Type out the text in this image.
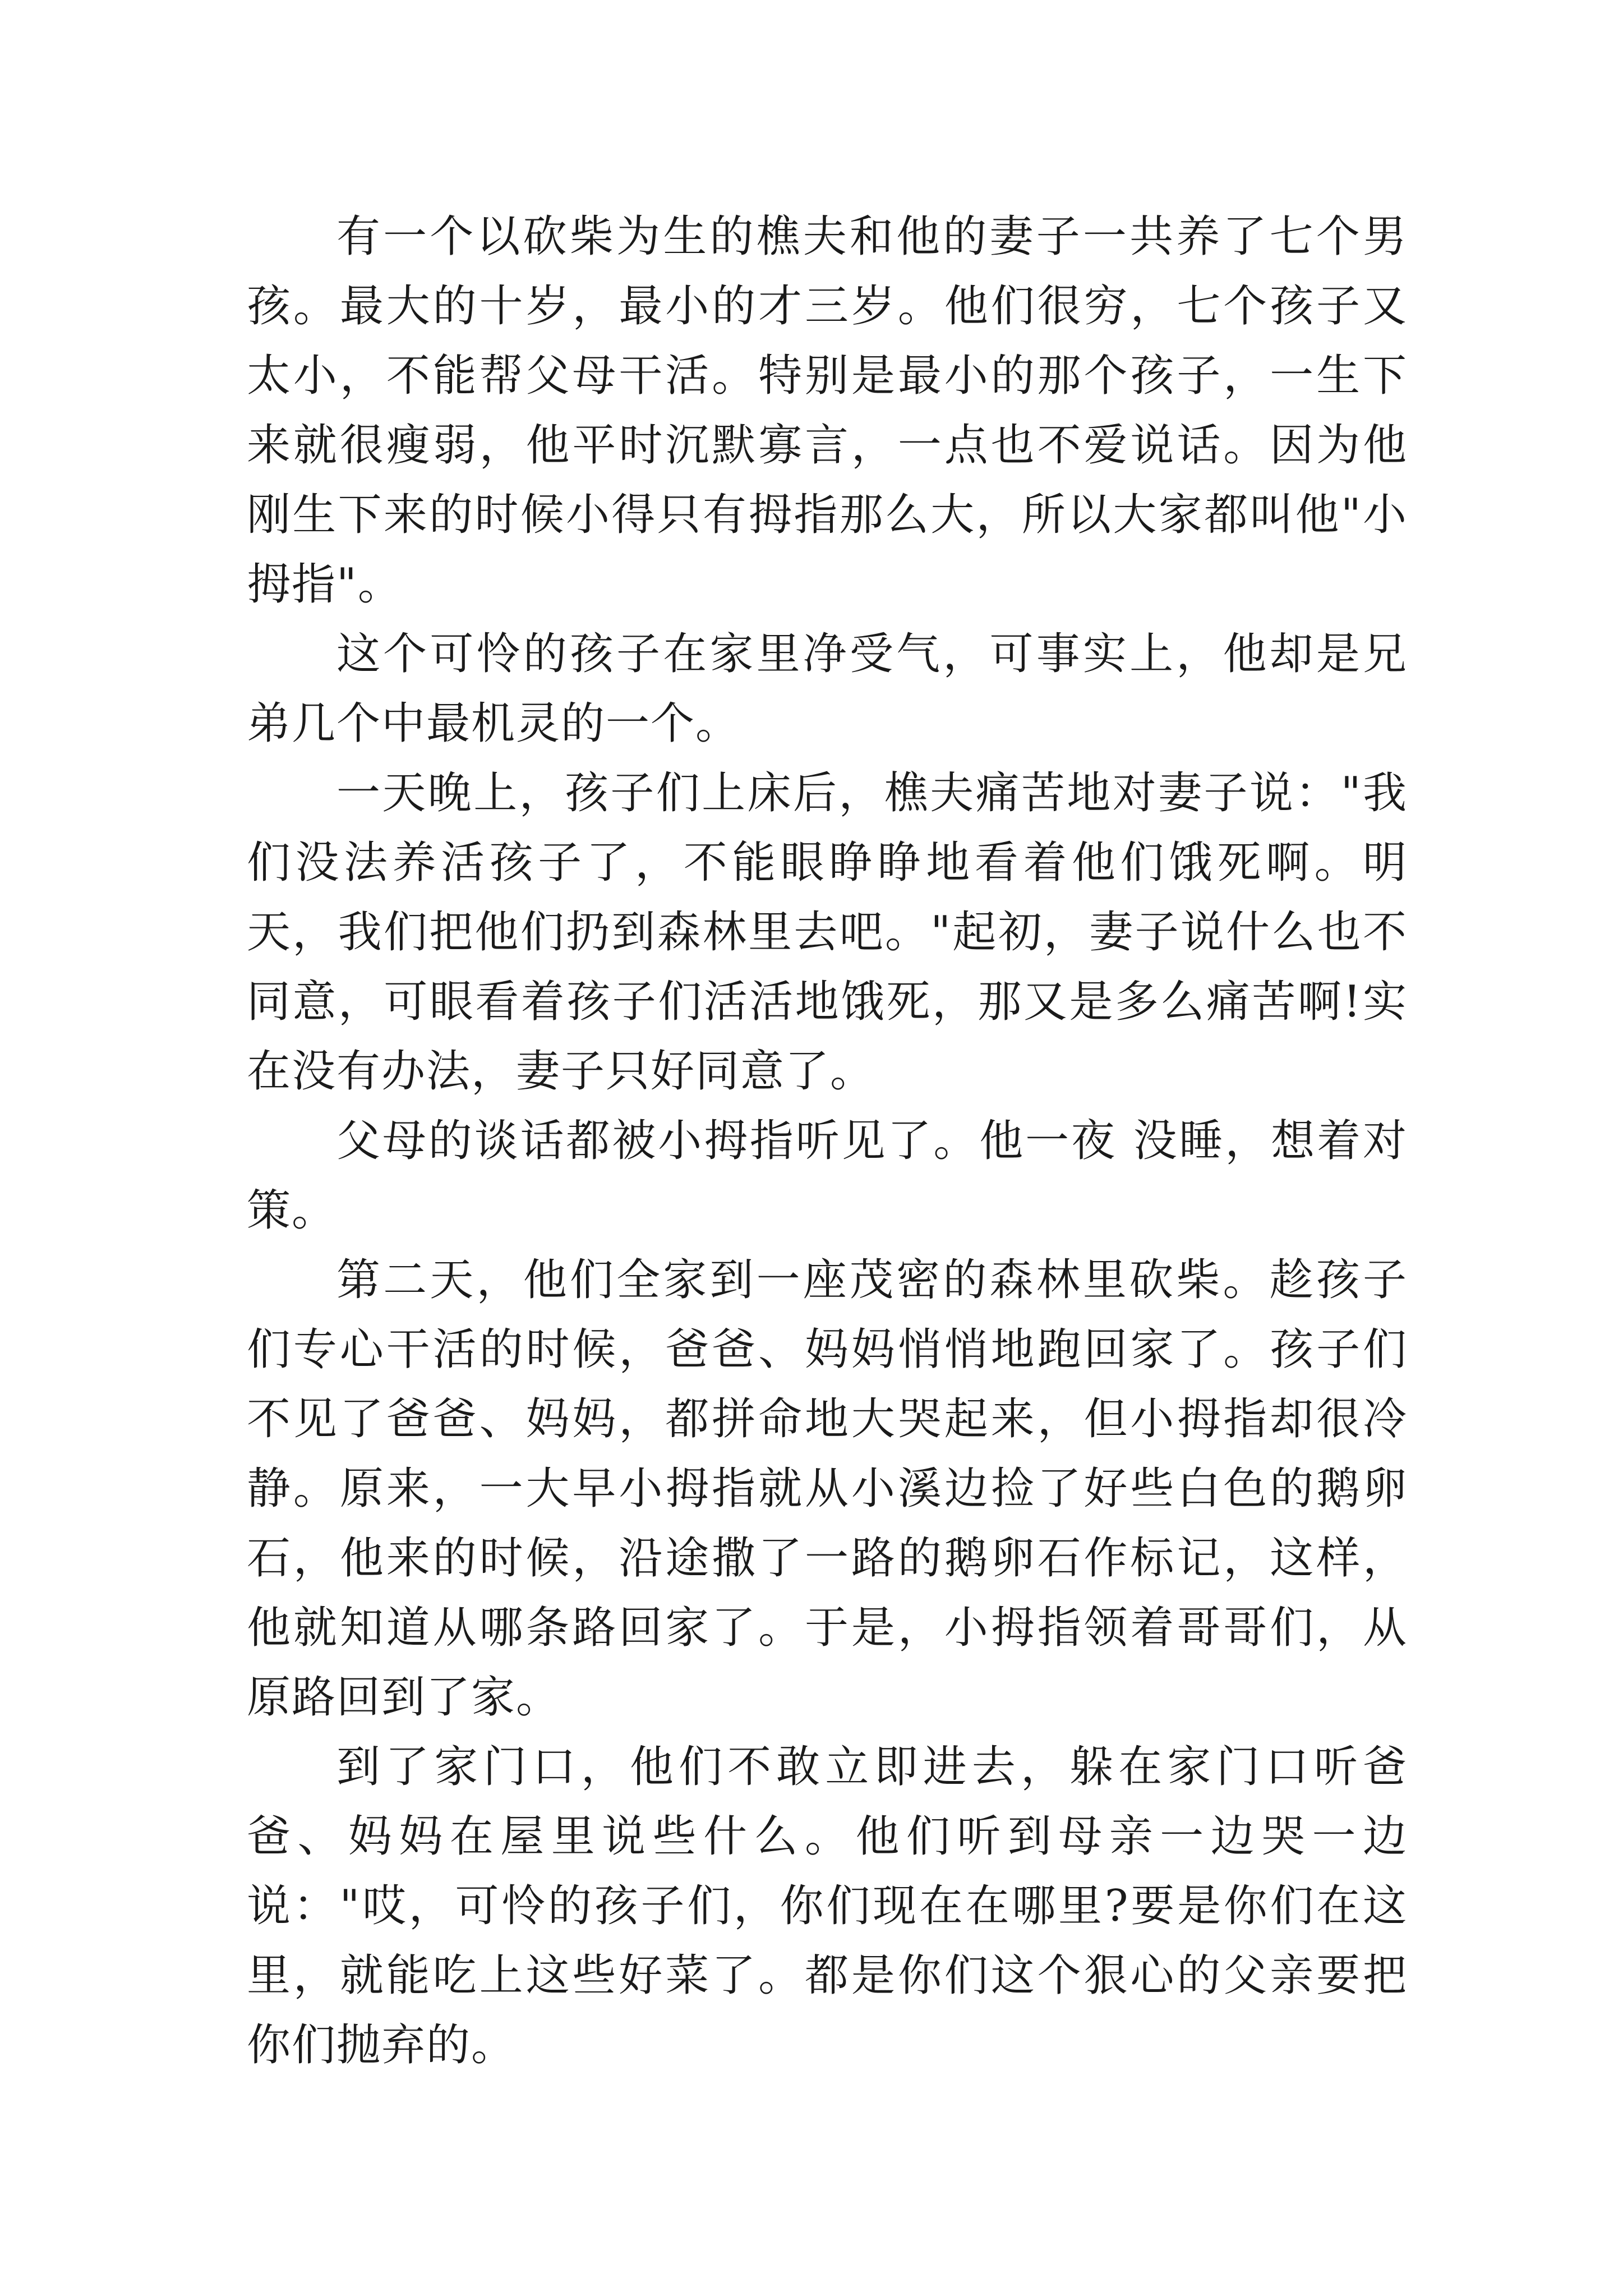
有一个以砍柴为生的樵夫和他的妻子一共养了七个男孩。最大的十岁，最小的才三岁。他们很穷，七个孩子又太小，不能帮父母干活。特别是最小的那个孩子，一生下来就很瘦弱，他平时沉默寡言，一点也不爱说话。因为他刚生下来的时候小得只有拇指那么大，所以大家都叫他"小拇指"。

这个可怜的孩子在家里净受气，可事实上，他却是兄弟几个中最机灵的一个。

一天晚上，孩子们上床后，樵夫痛苦地对妻子说："我们没法养活孩子了，不能眼睁睁地看着他们饿死啊。明天，我们把他们扔到森林里去吧。"起初，妻子说什么也不同意，可眼看着孩子们活活地饿死，那又是多么痛苦啊!实在没有办法，妻子只好同意了。

父母的谈话都被小拇指听见了。他一夜 没睡，想着对策。

第二天，他们全家到一座茂密的森林里砍柴。趁孩子们专心干活的时候，爸爸、妈妈悄悄地跑回家了。孩子们不见了爸爸、妈妈，都拼命地大哭起来，但小拇指却很冷静。原来，一大早小拇指就从小溪边捡了好些白色的鹅卵石，他来的时候，沿途撒了一路的鹅卵石作标记，这样，他就知道从哪条路回家了。于是，小拇指领着哥哥们，从原路回到了家。

到了家门口，他们不敢立即进去，躲在家门口听爸爸、妈妈在屋里说些什么。他们听到母亲一边哭一边说："哎，可怜的孩子们，你们现在在哪里?要是你们在这里，就能吃上这些好菜了。都是你们这个狠心的父亲要把你们抛弃的。
